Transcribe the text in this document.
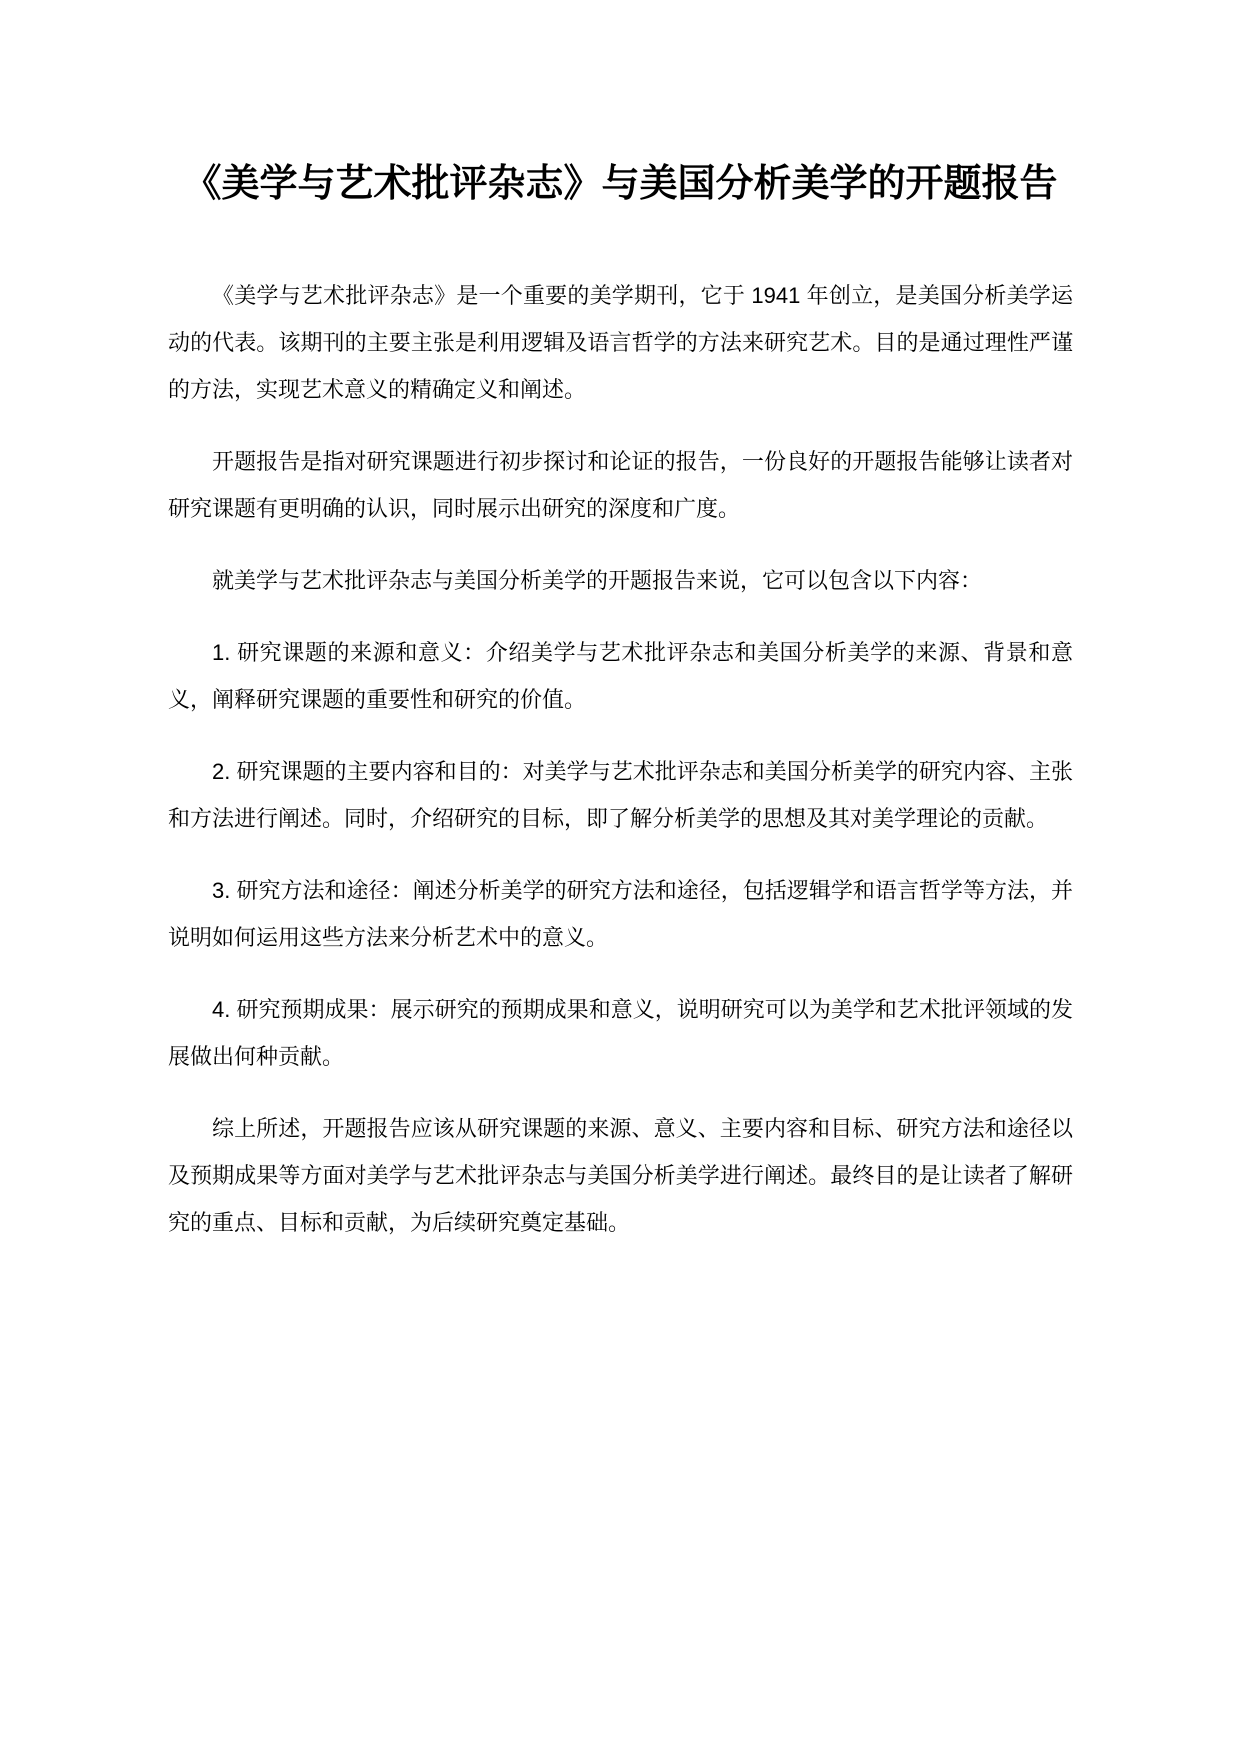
《美学与艺术批评杂志》与美国分析美学的开题报告

《美学与艺术批评杂志》是一个重要的美学期刊，它于 1941 年创立，是美国分析美学运动的代表。该期刊的主要主张是利用逻辑及语言哲学的方法来研究艺术。目的是通过理性严谨的方法，实现艺术意义的精确定义和阐述。

开题报告是指对研究课题进行初步探讨和论证的报告，一份良好的开题报告能够让读者对研究课题有更明确的认识，同时展示出研究的深度和广度。

就美学与艺术批评杂志与美国分析美学的开题报告来说，它可以包含以下内容：

1. 研究课题的来源和意义：介绍美学与艺术批评杂志和美国分析美学的来源、背景和意义，阐释研究课题的重要性和研究的价值。

2. 研究课题的主要内容和目的：对美学与艺术批评杂志和美国分析美学的研究内容、主张和方法进行阐述。同时，介绍研究的目标，即了解分析美学的思想及其对美学理论的贡献。

3. 研究方法和途径：阐述分析美学的研究方法和途径，包括逻辑学和语言哲学等方法，并说明如何运用这些方法来分析艺术中的意义。

4. 研究预期成果：展示研究的预期成果和意义，说明研究可以为美学和艺术批评领域的发展做出何种贡献。

综上所述，开题报告应该从研究课题的来源、意义、主要内容和目标、研究方法和途径以及预期成果等方面对美学与艺术批评杂志与美国分析美学进行阐述。最终目的是让读者了解研究的重点、目标和贡献，为后续研究奠定基础。
